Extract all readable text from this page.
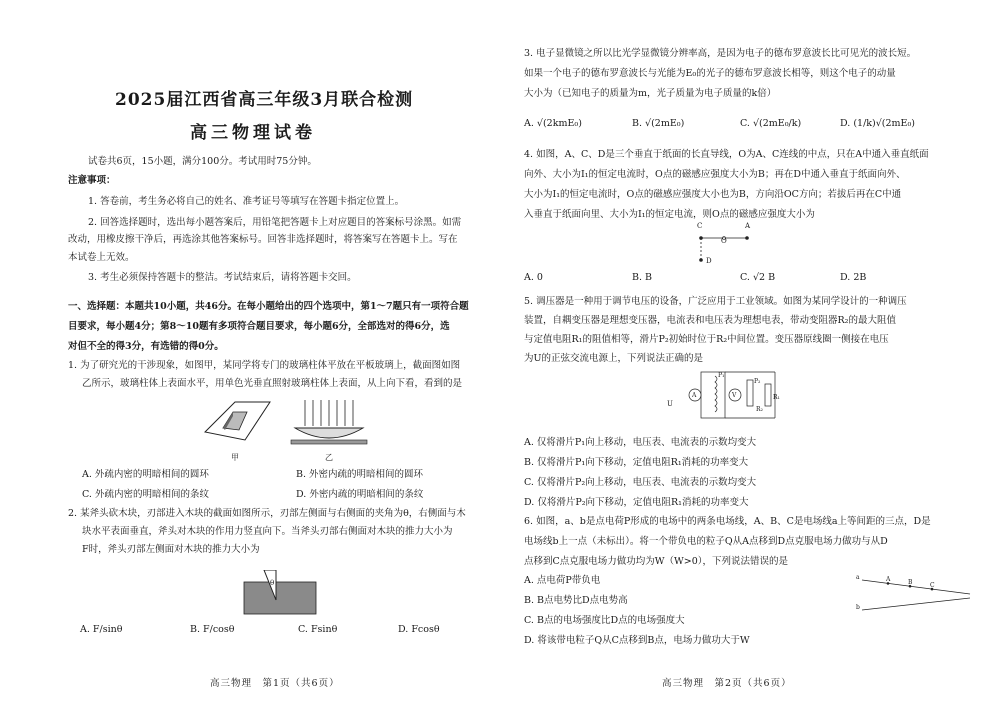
2025届江西省高三年级3月联合检测
高三物理试卷
试卷共6页，15小题，满分100分。考试用时75分钟。
注意事项：
1. 答卷前，考生务必将自己的姓名、准考证号等填写在答题卡指定位置上。
2. 回答选择题时，选出每小题答案后，用铅笔把答题卡上对应题目的答案标号涂黑。如需
改动，用橡皮擦干净后，再选涂其他答案标号。回答非选择题时，将答案写在答题卡上。写在
本试卷上无效。
3. 考生必须保持答题卡的整洁。考试结束后，请将答题卡交回。
一、选择题：本题共10小题，共46分。在每小题给出的四个选项中，第1～7题只有一项符合题
目要求，每小题4分；第8～10题有多项符合题目要求，每小题6分，全部选对的得6分，选
对但不全的得3分，有选错的得0分。
1. 为了研究光的干涉现象，如图甲，某同学将专门的玻璃柱体平放在平板玻璃上，截面图如图
乙所示，玻璃柱体上表面水平，用单色光垂直照射玻璃柱体上表面，从上向下看，看到的是
甲	乙
A. 外疏内密的明暗相间的圆环	B. 外密内疏的明暗相间的圆环
C. 外疏内密的明暗相间的条纹	D. 外密内疏的明暗相间的条纹
2. 某斧头砍木块，刃部进入木块的截面如图所示，刃部左侧面与右侧面的夹角为θ，右侧面与木
块水平表面垂直，斧头对木块的作用力竖直向下。当斧头刃部右侧面对木块的推力大小为
F时，斧头刃部左侧面对木块的推力大小为
θ
A. F/sinθ	B. F/cosθ	C. Fsinθ	D. Fcosθ
高三物理　第1页（共6页）
3. 电子显微镜之所以比光学显微镜分辨率高，是因为电子的德布罗意波长比可见光的波长短。
如果一个电子的德布罗意波长与光能为E₀的光子的德布罗意波长相等，则这个电子的动量
大小为（已知电子的质量为m，光子质量为电子质量的k倍）
A. √(2kmE₀)	B. √(2mE₀)	C. √(2mE₀/k)	D. (1/k)√(2mE₀)
4. 如图，A、C、D是三个垂直于纸面的长直导线，O为A、C连线的中点，只在A中通入垂直纸面
向外、大小为I₁的恒定电流时，O点的磁感应强度大小为B；再在D中通入垂直于纸面向外、
大小为I₁的恒定电流时，O点的磁感应强度大小也为B，方向沿OC方向；若拔后再在C中通
入垂直于纸面向里、大小为I₁的恒定电流，则O点的磁感应强度大小为
C
O
A
D
A. 0	B. B	C. √2 B	D. 2B
5. 调压器是一种用于调节电压的设备，广泛应用于工业领域。如图为某同学设计的一种调压
装置，自耦变压器是理想变压器，电流表和电压表为理想电表，带动变阻器R₂的最大阻值
与定值电阻R₁的阻值相等，滑片P₂初始时位于R₂中间位置。变压器原线圈一侧接在电压
为U的正弦交流电源上，下列说法正确的是
A	V
U
P₁
P₂
R₁
R₂
A. 仅将滑片P₁向上移动，电压表、电流表的示数均变大
B. 仅将滑片P₁向下移动，定值电阻R₁消耗的功率变大
C. 仅将滑片P₂向上移动，电压表、电流表的示数均变大
D. 仅将滑片P₂向下移动，定值电阻R₁消耗的功率变大
6. 如图，a、b是点电荷P形成的电场中的两条电场线，A、B、C是电场线a上等间距的三点，D是
电场线b上一点（未标出）。将一个带负电的粒子Q从A点移到D点克服电场力做功与从D
点移到C点克服电场力做功均为W（W>0），下列说法错误的是
a	A	B	C
b
A. 点电荷P带负电
B. B点电势比D点电势高
C. B点的电场强度比D点的电场强度大
D. 将该带电粒子Q从C点移到B点，电场力做功大于W
高三物理　第2页（共6页）
